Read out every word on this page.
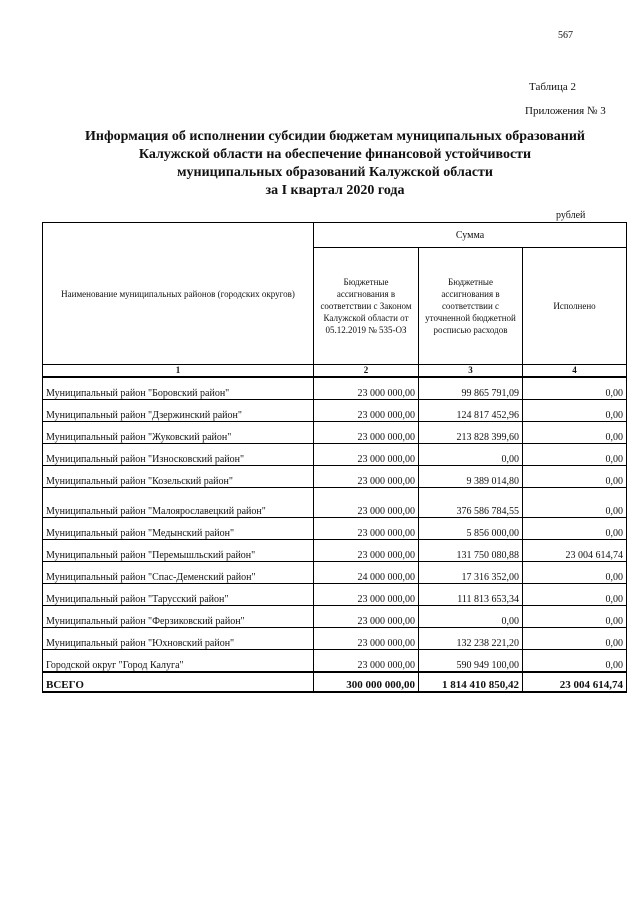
567
Таблица 2
Приложения № 3
Информация об исполнении субсидии бюджетам муниципальных образований
Калужской области на обеспечение финансовой устойчивости
муниципальных образований Калужской области
за I квартал 2020 года
рублей
Наименование муниципальных районов (городских округов)	Сумма		
	Бюджетные ассигнования в соответствии с Законом Калужской области от 05.12.2019 № 535-ОЗ	Бюджетные ассигнования в соответствии с уточненной бюджетной росписью расходов	Исполнено
1	2	3	4
Муниципальный район "Боровский район"	23 000 000,00	99 865 791,09	0,00
Муниципальный район "Дзержинский район"	23 000 000,00	124 817 452,96	0,00
Муниципальный район "Жуковский район"	23 000 000,00	213 828 399,60	0,00
Муниципальный район "Износковский район"	23 000 000,00	0,00	0,00
Муниципальный район "Козельский район"	23 000 000,00	9 389 014,80	0,00
Муниципальный район "Малоярославецкий район"	23 000 000,00	376 586 784,55	0,00
Муниципальный район "Медынский район"	23 000 000,00	5 856 000,00	0,00
Муниципальный район "Перемышльский район"	23 000 000,00	131 750 080,88	23 004 614,74
Муниципальный район "Спас-Деменский район"	24 000 000,00	17 316 352,00	0,00
Муниципальный район "Тарусский район"	23 000 000,00	111 813 653,34	0,00
Муниципальный район "Ферзиковский район"	23 000 000,00	0,00	0,00
Муниципальный район "Юхновский район"	23 000 000,00	132 238 221,20	0,00
Городской округ "Город Калуга"	23 000 000,00	590 949 100,00	0,00
ВСЕГО	300 000 000,00	1 814 410 850,42	23 004 614,74
